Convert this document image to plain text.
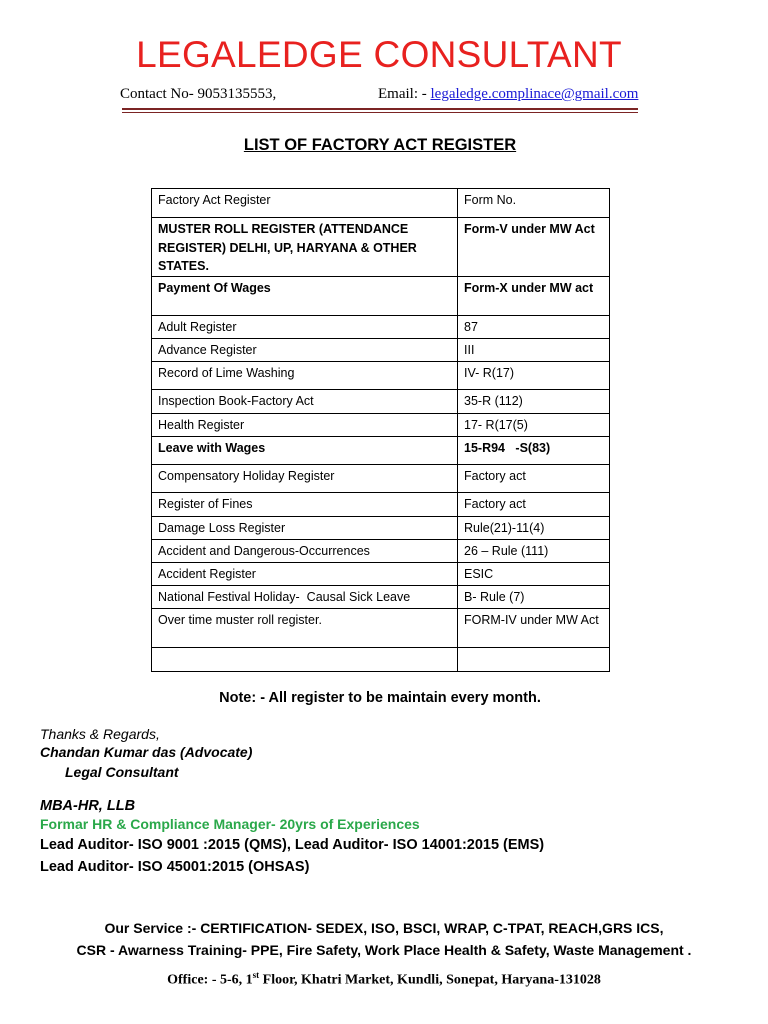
LEGALEDGE CONSULTANT
Contact No- 9053135553,	Email: - legaledge.complinace@gmail.com
LIST OF FACTORY ACT REGISTER
Factory Act Register	Form No.
MUSTER ROLL REGISTER (ATTENDANCE REGISTER) DELHI, UP, HARYANA & OTHER STATES.	Form-V under MW Act
Payment Of Wages	Form-X under MW act
Adult Register	87
Advance Register	III
Record of Lime Washing	IV- R(17)
Inspection Book-Factory Act	35-R (112)
Health Register	17- R(17(5)
Leave with Wages	15-R94   -S(83)
Compensatory Holiday Register	Factory act
Register of Fines	Factory act
Damage Loss Register	Rule(21)-11(4)
Accident and Dangerous-Occurrences	26 – Rule (111)
Accident Register	ESIC
National Festival Holiday-  Causal Sick Leave	B- Rule (7)
Over time muster roll register.	FORM-IV under MW Act

Note: - All register to be maintain every month.
Thanks & Regards,
Chandan Kumar das (Advocate)
Legal Consultant
MBA-HR, LLB
Formar HR & Compliance Manager- 20yrs of Experiences
Lead Auditor- ISO 9001 :2015 (QMS), Lead Auditor- ISO 14001:2015 (EMS)
Lead Auditor- ISO 45001:2015 (OHSAS)
Our Service :- CERTIFICATION- SEDEX, ISO, BSCI, WRAP, C-TPAT, REACH,GRS ICS,
CSR - Awarness Training- PPE, Fire Safety, Work Place Health & Safety, Waste Management .
Office: - 5-6, 1st Floor, Khatri Market, Kundli, Sonepat, Haryana-131028
